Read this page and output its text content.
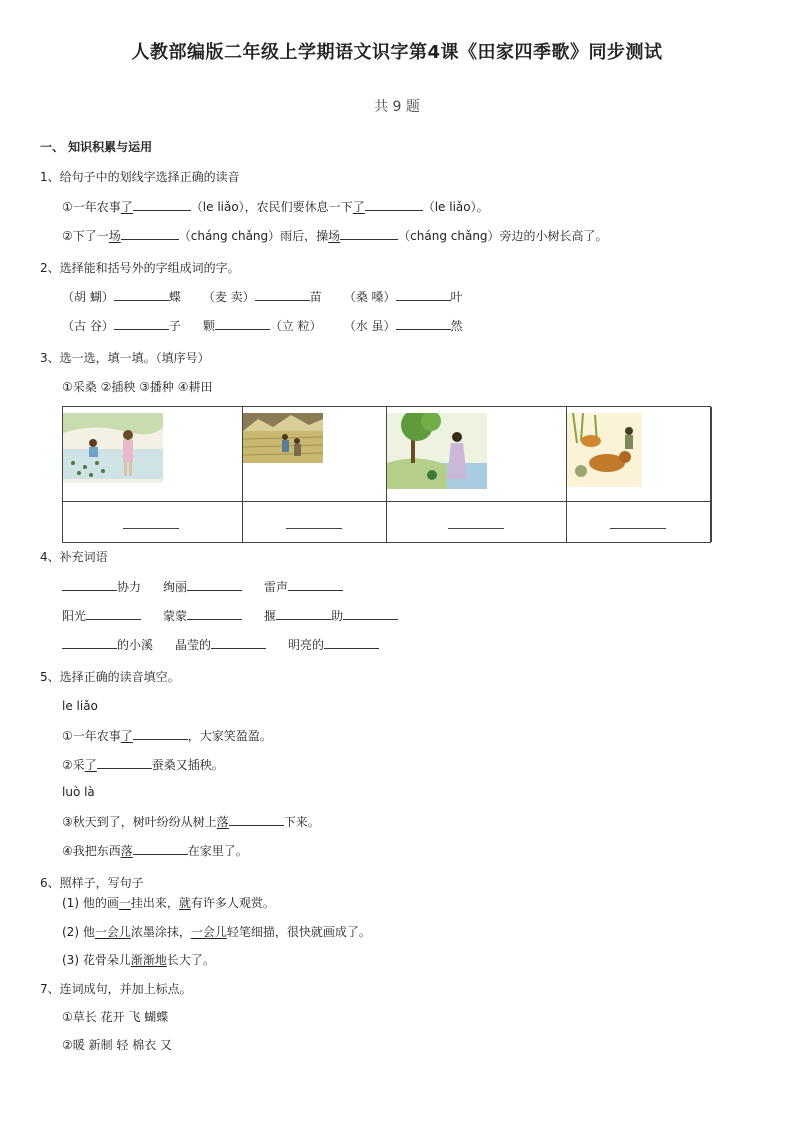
人教部编版二年级上学期语文识字第4课《田家四季歌》同步测试
共 9 题
一、 知识积累与运用
1、给句子中的划线字选择正确的读音
①一年农事了	（le liǎo），农民们要休息一下了	（le liǎo）。
②下了一场	（cháng chǎng）雨后，操场	（cháng chǎng）旁边的小树长高了。
2、选择能和括号外的字组成词的字。
（胡 蝴）	蝶 （麦 卖）	苗 （桑 嗓）	叶
（古 谷）	子 颗	（立 粒） （水 虽）	然
3、选一选，填一填。（填序号）
①采桑 ②插秧 ③播种 ④耕田
4、补充词语
协力 绚丽	雷声
阳光	蒙蒙	揠	助
的小溪 晶莹的	明亮的
5、选择正确的读音填空。
le liǎo
①一年农事了	，大家笑盈盈。
②采了	蚕桑又插秧。
luò là
③秋天到了，树叶纷纷从树上落	下来。
④我把东西落	在家里了。
6、照样子，写句子
(1) 他的画一挂出来，就有许多人观赏。
(2) 他一会儿浓墨涂抹，一会儿轻笔细描，很快就画成了。
(3) 花骨朵儿渐渐地长大了。
7、连词成句，并加上标点。
①草长 花开 飞 蝴蝶
②暖 新制 轻 棉衣 又
